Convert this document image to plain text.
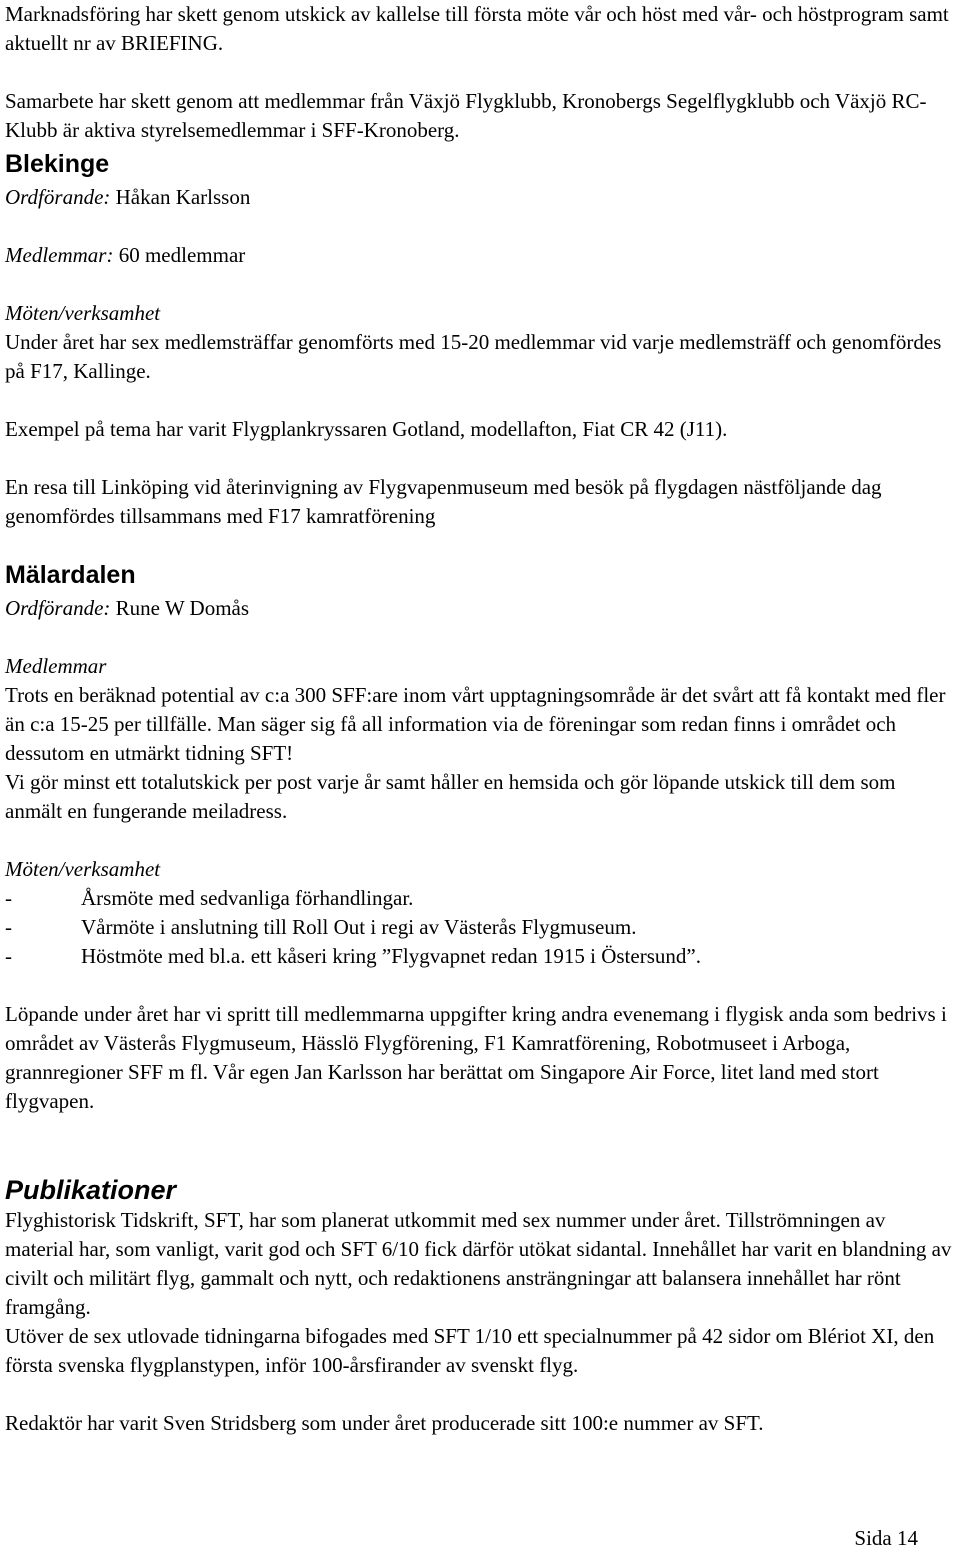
Marknadsföring har skett genom utskick av kallelse till första möte vår och höst med vår- och höstprogram samt aktuellt nr av BRIEFING.

Samarbete har skett genom att medlemmar från Växjö Flygklubb, Kronobergs Segelflygklubb och Växjö RC-Klubb är aktiva styrelsemedlemmar i SFF-Kronoberg.

Blekinge

Ordförande: Håkan Karlsson

Medlemmar: 60 medlemmar

Möten/verksamhet

Under året har sex medlemsträffar genomförts med 15-20 medlemmar vid varje medlemsträff och genomfördes på F17, Kallinge.

Exempel på tema har varit Flygplankryssaren Gotland, modellafton, Fiat CR 42 (J11).

En resa till Linköping vid återinvigning av Flygvapenmuseum med besök på flygdagen nästföljande dag genomfördes tillsammans med F17 kamratförening

Mälardalen

Ordförande: Rune W Domås

Medlemmar

Trots en beräknad potential av c:a 300 SFF:are inom vårt upptagningsområde är det svårt att få kontakt med fler än c:a 15-25 per tillfälle. Man säger sig få all information via de föreningar som redan finns i området och dessutom en utmärkt tidning SFT!

Vi gör minst ett totalutskick per post varje år samt håller en hemsida och gör löpande utskick till dem som anmält en fungerande meiladress.

Möten/verksamhet

-	Årsmöte med sedvanliga förhandlingar.
-	Vårmöte i anslutning till Roll Out i regi av Västerås Flygmuseum.
-	Höstmöte med bl.a. ett kåseri kring ”Flygvapnet redan 1915 i Östersund”.

Löpande under året har vi spritt till medlemmarna uppgifter kring andra evenemang i flygisk anda som bedrivs i området av Västerås Flygmuseum, Hässlö Flygförening, F1 Kamratförening, Robotmuseet i Arboga, grannregioner SFF m fl. Vår egen Jan Karlsson har berättat om Singapore Air Force, litet land med stort flygvapen.

Publikationer

Flyghistorisk Tidskrift, SFT, har som planerat utkommit med sex nummer under året. Tillströmningen av material har, som vanligt, varit god och SFT 6/10 fick därför utökat sidantal. Innehållet har varit en blandning av civilt och militärt flyg, gammalt och nytt, och redaktionens ansträngningar att balansera innehållet har rönt framgång.

Utöver de sex utlovade tidningarna bifogades med SFT 1/10 ett specialnummer på 42 sidor om Blériot XI, den första svenska flygplanstypen, inför 100-årsfirander av svenskt flyg.

Redaktör har varit Sven Stridsberg som under året producerade sitt 100:e nummer av SFT.

Sida 14
